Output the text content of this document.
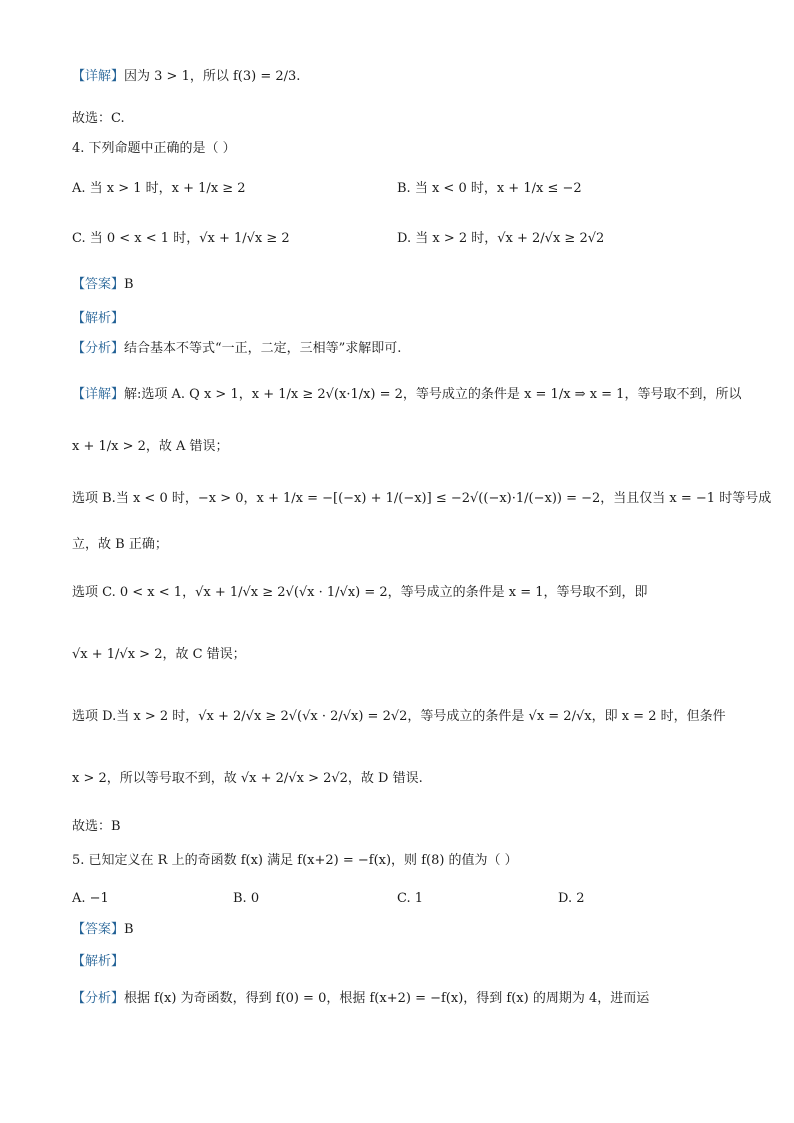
【详解】因为 3 > 1，所以 f(3) = 2/3.
故选：C.
4. 下列命题中正确的是（ ）
A. 当 x > 1 时，x + 1/x ≥ 2	B. 当 x < 0 时，x + 1/x ≤ −2
C. 当 0 < x < 1 时，√x + 1/√x ≥ 2	D. 当 x > 2 时，√x + 2/√x ≥ 2√2
【答案】B
【解析】
【分析】结合基本不等式“一正，二定，三相等”求解即可.
【详解】解:选项 A. Q x > 1，x + 1/x ≥ 2√(x·1/x) = 2，等号成立的条件是 x = 1/x ⇒ x = 1，等号取不到，所以
x + 1/x > 2，故 A 错误；
选项 B.当 x < 0 时，−x > 0，x + 1/x = −[(−x) + 1/(−x)] ≤ −2√((−x)·1/(−x)) = −2，当且仅当 x = −1 时等号成
立，故 B 正确；
选项 C. 0 < x < 1，√x + 1/√x ≥ 2√(√x · 1/√x) = 2，等号成立的条件是 x = 1，等号取不到，即
√x + 1/√x > 2，故 C 错误；
选项 D.当 x > 2 时，√x + 2/√x ≥ 2√(√x · 2/√x) = 2√2，等号成立的条件是 √x = 2/√x，即 x = 2 时，但条件
x > 2，所以等号取不到，故 √x + 2/√x > 2√2，故 D 错误.
故选：B
5. 已知定义在 R 上的奇函数 f(x) 满足 f(x+2) = −f(x)，则 f(8) 的值为（ ）
A. −1	B. 0	C. 1	D. 2
【答案】B
【解析】
【分析】根据 f(x) 为奇函数，得到 f(0) = 0，根据 f(x+2) = −f(x)，得到 f(x) 的周期为 4，进而运
